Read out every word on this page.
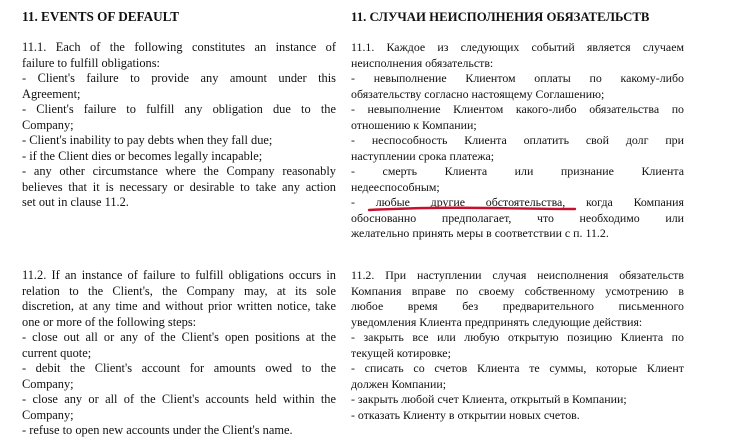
11. EVENTS OF DEFAULT
11.1. Each of the following constitutes an instance of
failure to fulfill obligations:
- Client's failure to provide any amount under this
Agreement;
- Client's failure to fulfill any obligation due to the
Company;
- Client's inability to pay debts when they fall due;
- if the Client dies or becomes legally incapable;
- any other circumstance where the Company reasonably
believes that it is necessary or desirable to take any action
set out in clause 11.2.
11.2. If an instance of failure to fulfill obligations occurs in
relation to the Client's, the Company may, at its sole
discretion, at any time and without prior written notice, take
one or more of the following steps:
- close out all or any of the Client's open positions at the
current quote;
- debit the Client's account for amounts owed to the
Company;
- close any or all of the Client's accounts held within the
Company;
- refuse to open new accounts under the Client's name.
11. СЛУЧАИ НЕИСПОЛНЕНИЯ ОБЯЗАТЕЛЬСТВ
11.1. Каждое из следующих событий является случаем
неисполнения обязательств:
- невыполнение Клиентом оплаты по какому-либо
обязательству согласно настоящему Соглашению;
- невыполнение Клиентом какого-либо обязательства по
отношению к Компании;
- неспособность Клиента оплатить свой долг при
наступлении срока платежа;
- смерть Клиента или признание Клиента
недееспособным;
- любые другие обстоятельства, когда Компания
обоснованно предполагает, что необходимо или
желательно принять меры в соответствии с п. 11.2.
11.2. При наступлении случая неисполнения обязательств
Компания вправе по своему собственному усмотрению в
любое время без предварительного письменного
уведомления Клиента предпринять следующие действия:
- закрыть все или любую открытую позицию Клиента по
текущей котировке;
- списать со счетов Клиента те суммы, которые Клиент
должен Компании;
- закрыть любой счет Клиента, открытый в Компании;
- отказать Клиенту в открытии новых счетов.
